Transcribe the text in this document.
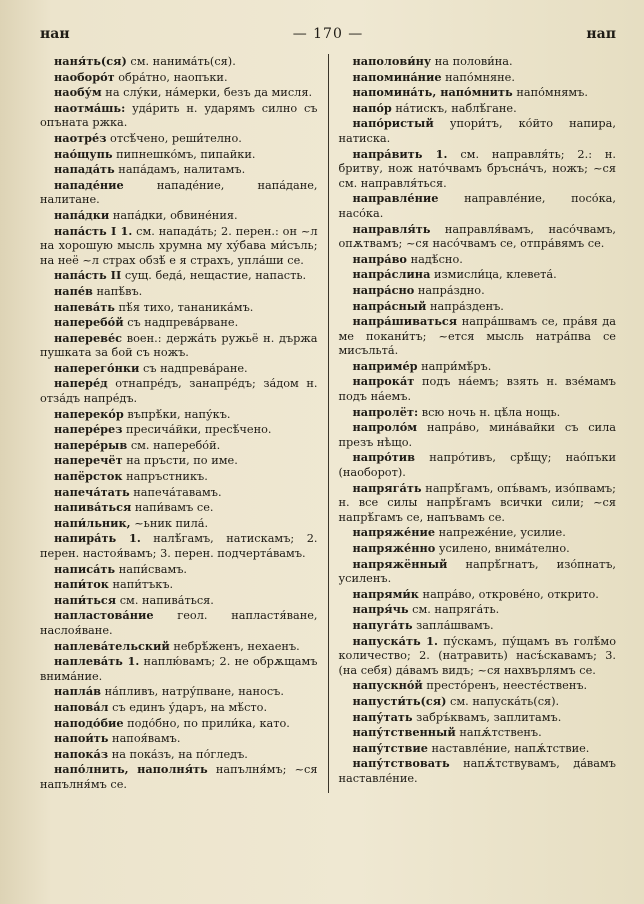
нан	— 170 —	нап

наня́ть(ся) см. нанима́ть(ся).

наоборо́т обра́тно, наопъки.

наобу́м на слу́ки, на́мерки, безъ да мисля.

наотма́шь: уда́рить н. ударямъ силно съ опъната ржка.

наотре́з отсѣ́чено, реши́телно.

нао́щупь пипнешко́мъ, пипайки.

напада́ть напа́дамъ, налитамъ.

нападе́ние	нападе́ние, напа́дане, налитане.

напа́дки напа́дки, обвине́ния.

напа́сть I 1. см. напада́ть; 2. перен.: он ~л на хорошую мысль хрумна му ху́бава ми́съль; на неё ~л страх обзѣ́ е я страхъ, упла́ши се.

напа́сть II сущ. беда́, нещастие, напасть.

напе́в напѣ́въ.

напева́ть пѣ́я тихо, тананика́мъ.

наперебо́й съ надпрева́рване.

напереве́с воен.: держа́ть ружьё н. държа пушката за бой съ ножъ.

наперего́нки съ надпрева́ране.

напере́д отнапре́дъ, занапре́дъ; за́дом н. отза́дъ напре́дъ.

наперекóр въпрѣ́ки, напу́къ.

напере́рез пресича́йки, пресѣ́чено.

напере́рыв см. наперебо́й.

наперечёт на пръсти, по име.

напёрсток напръстникъ.

напеча́тать напеча́тавамъ.

напива́ться напи́вамъ се.

напи́льник, ~ьник пила́.

напира́ть 1. налѣ́гамъ, натискамъ; 2. перен. настоя́вамъ; 3. перен. подчерта́вамъ.

написа́ть напи́свамъ.

напи́ток напи́тъкъ.

напи́ться см. напива́ться.

напластова́ние геол. напластя́ване, наслоя́ване.

наплева́тельский небрѣ́женъ, нехаенъ.

наплева́ть 1. наплю́вамъ; 2. не обрѫщамъ внима́ние.

напла́в на́пливъ, натру́пване, наносъ.

наповáл съ единъ у́даръ, на мѣ́сто.

наподо́бие подо́бно, по прили́ка, като.

напои́ть напоя́вамъ.

напока́з на пока́зъ, на по́гледъ.

напо́лнить, наполня́ть напълня́мъ; ~ся напълня́мъ се.

наполови́ну на полови́на.

напомина́ние напо́мняне.

напомина́ть, напо́мнить напо́мнямъ.

напо́р на́тискъ, наблѣ́гане.

напо́ристый упори́тъ, ко́йто напира, натиска.

напра́вить 1. см. направля́ть; 2.: н. бритву, нож нато́чвамъ бръсна́чъ, ножъ; ~ся см. направля́ться.

направле́ние направле́ние, посо́ка, насо́ка.

направля́ть направля́вамъ, насо́чвамъ, опѫтвамъ; ~ся насо́чвамъ се, отпра́вямъ се.

напра́во надѣ́сно.

напра́слина измисли́ца, клевета́.

напра́сно напра́здно.

напра́сный напра́зденъ.

напра́шиваться напра́швамъ се, пра́вя да ме покани́тъ; ~ется мысль натра́пва се мисъльта́.

наприме́р напри́мѣ́ръ.

напрока́т подъ на́емъ; взять н. взе́мамъ подъ на́емъ.

напролёт: всю ночь н. цѣ́ла нощь.

напроло́м напра́во, мина́вайки съ сила презъ нѣщо.

напро́тив напро́тивъ, срѣ́щу; нао́пъки (наоборот).

напряга́ть напрѣ́гамъ, опъ́вамъ, изо́пвамъ; н. все силы напрѣ́гамъ всички сили; ~ся напрѣ́гамъ се, напъвамъ се.

напряже́ние напреже́ние, усилие.

напряже́нно усилено, внима́телно.

напряжённый напрѣ́гнатъ, изо́пнатъ, усиленъ.

напрями́к напра́во, открове́но, открито.

напря́чь см. напряга́ть.

напуга́ть запла́швамъ.

напуска́ть 1. пу́скамъ, пу́щамъ въ голѣ́мо количество; 2. (натравить) насъ́скавамъ; 3. (на себя) да́вамъ видъ; ~ся нахвърлямъ се.

напускно́й престо́ренъ, неесте́ственъ.

напусти́ть(ся) см. напуска́ть(ся).

напу́тать забръ́квамъ, заплитамъ.

напу́тственный напѫ́тственъ.

напу́тствие наставле́ние, напѫ́тствие.

напу́тствовать напѫ́тствувамъ, да́вамъ наставле́ние.
